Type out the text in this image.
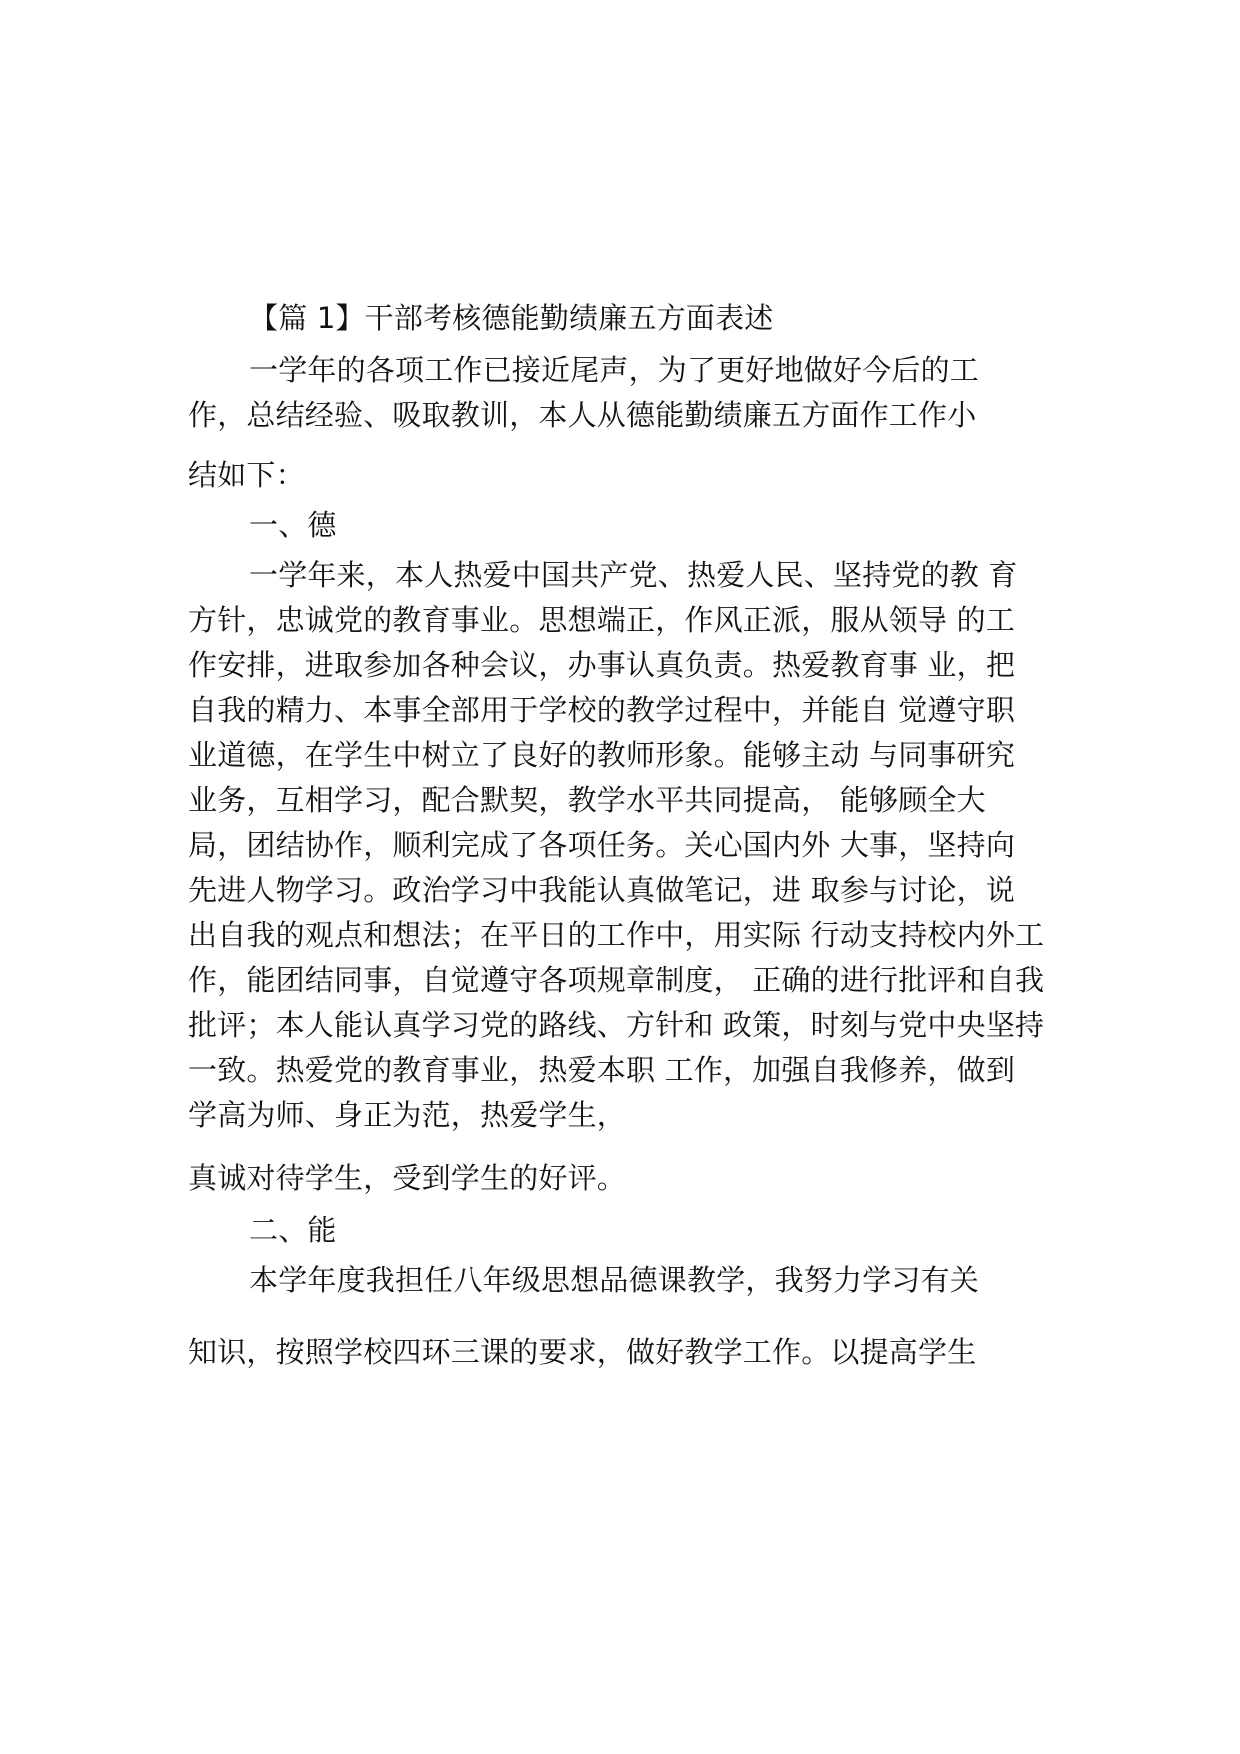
【篇 1】干部考核德能勤绩廉五方面表述
一学年的各项工作已接近尾声，为了更好地做好今后的工
作，总结经验、吸取教训，本人从德能勤绩廉五方面作工作小
结如下：
一、德
一学年来，本人热爱中国共产党、热爱人民、坚持党的教 育
方针，忠诚党的教育事业。思想端正，作风正派，服从领导 的工
作安排，进取参加各种会议，办事认真负责。热爱教育事 业，把
自我的精力、本事全部用于学校的教学过程中，并能自 觉遵守职
业道德，在学生中树立了良好的教师形象。能够主动 与同事研究
业务，互相学习，配合默契，教学水平共同提高， 能够顾全大
局，团结协作，顺利完成了各项任务。关心国内外 大事，坚持向
先进人物学习。政治学习中我能认真做笔记，进 取参与讨论，说
出自我的观点和想法；在平日的工作中，用实际 行动支持校内外工
作，能团结同事，自觉遵守各项规章制度， 正确的进行批评和自我
批评；本人能认真学习党的路线、方针和 政策，时刻与党中央坚持
一致。热爱党的教育事业，热爱本职 工作，加强自我修养，做到
学高为师、身正为范，热爱学生，
真诚对待学生，受到学生的好评。
二、能
本学年度我担任八年级思想品德课教学，我努力学习有关
知识，按照学校四环三课的要求，做好教学工作。以提高学生
